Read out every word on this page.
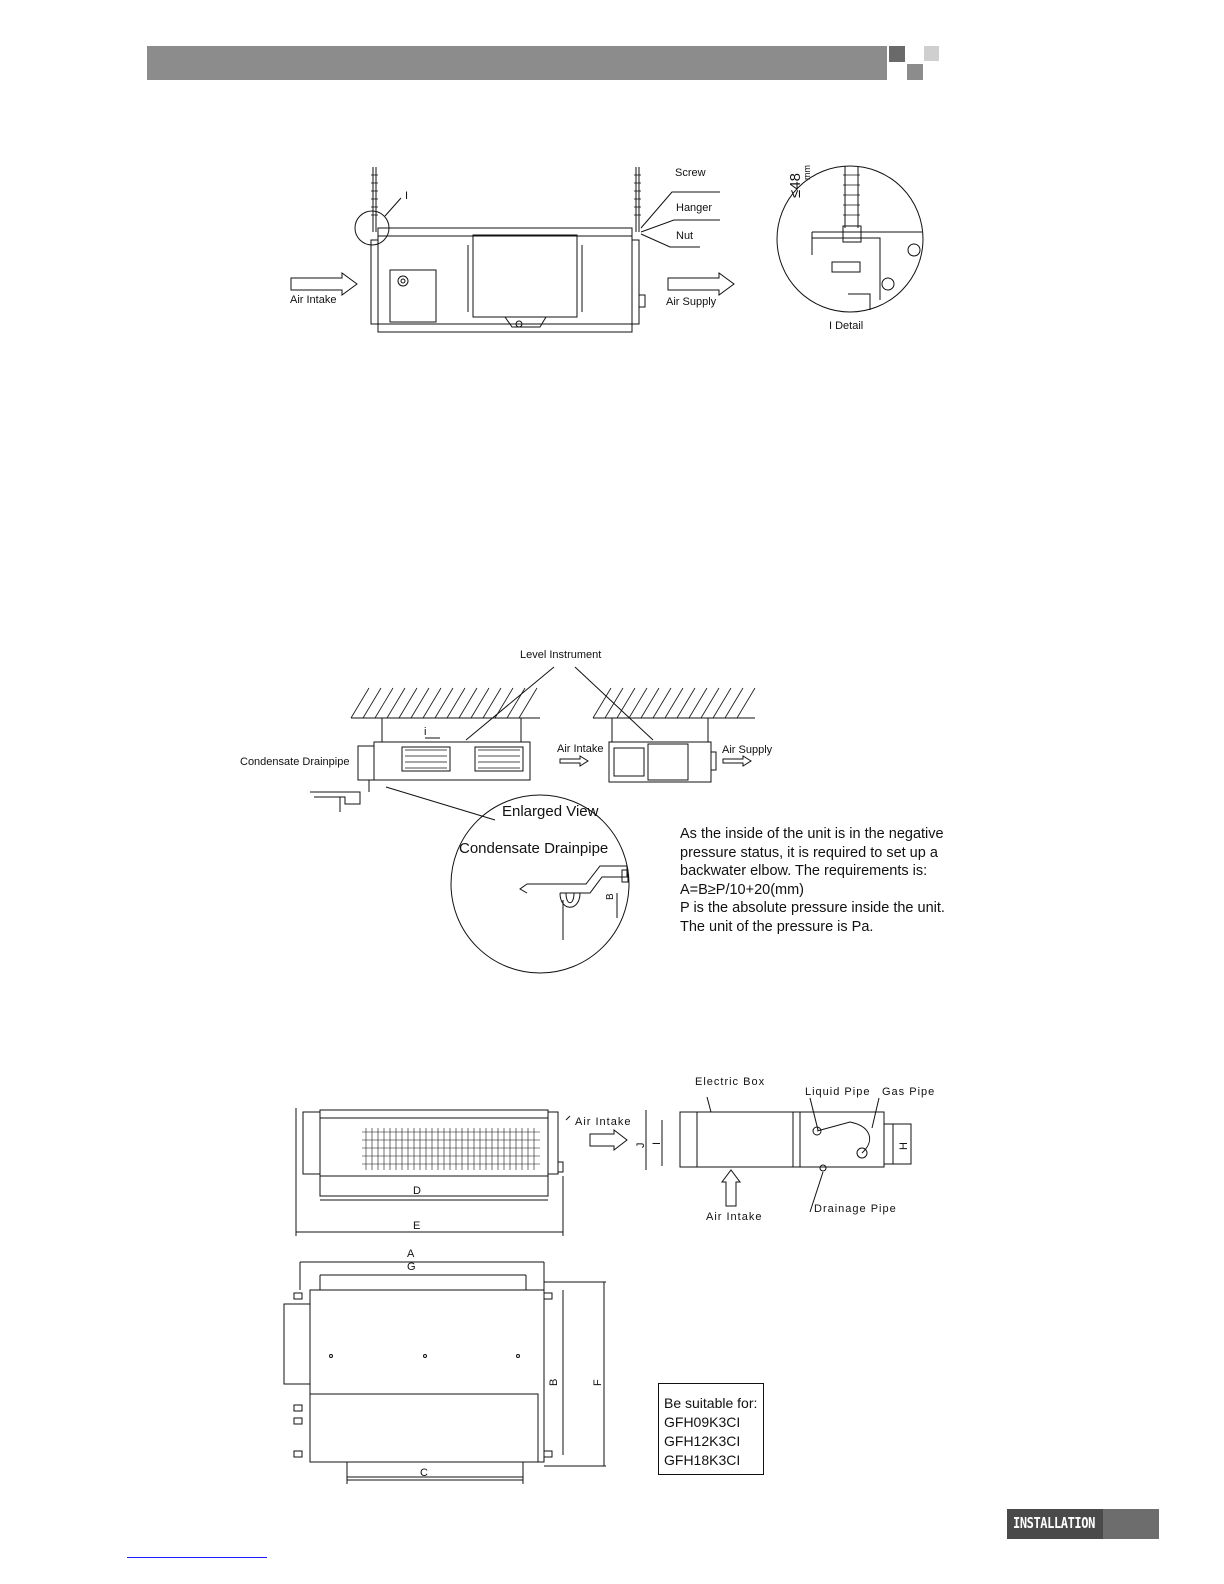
Screw
Hanger
Nut
Air Intake	Air Supply
I
I Detail
≤48
mm
Level Instrument
Condensate Drainpipe
Air Intake	Air Supply
i
Enlarged View
Condensate Drainpipe
B
As the inside of the unit is in the negative
pressure status, it is required to set up a
backwater elbow. The requirements is:
A=B≥P/10+20(mm)
P is the absolute pressure inside the unit.
The unit of the pressure is Pa.
Electric Box
Liquid Pipe Gas Pipe
Air Intake
Air Intake
Drainage Pipe
D
E
I
J	H
A
G
B	F
C
Be suitable for:
GFH09K3CI
GFH12K3CI
GFH18K3CI
INSTALLATION
